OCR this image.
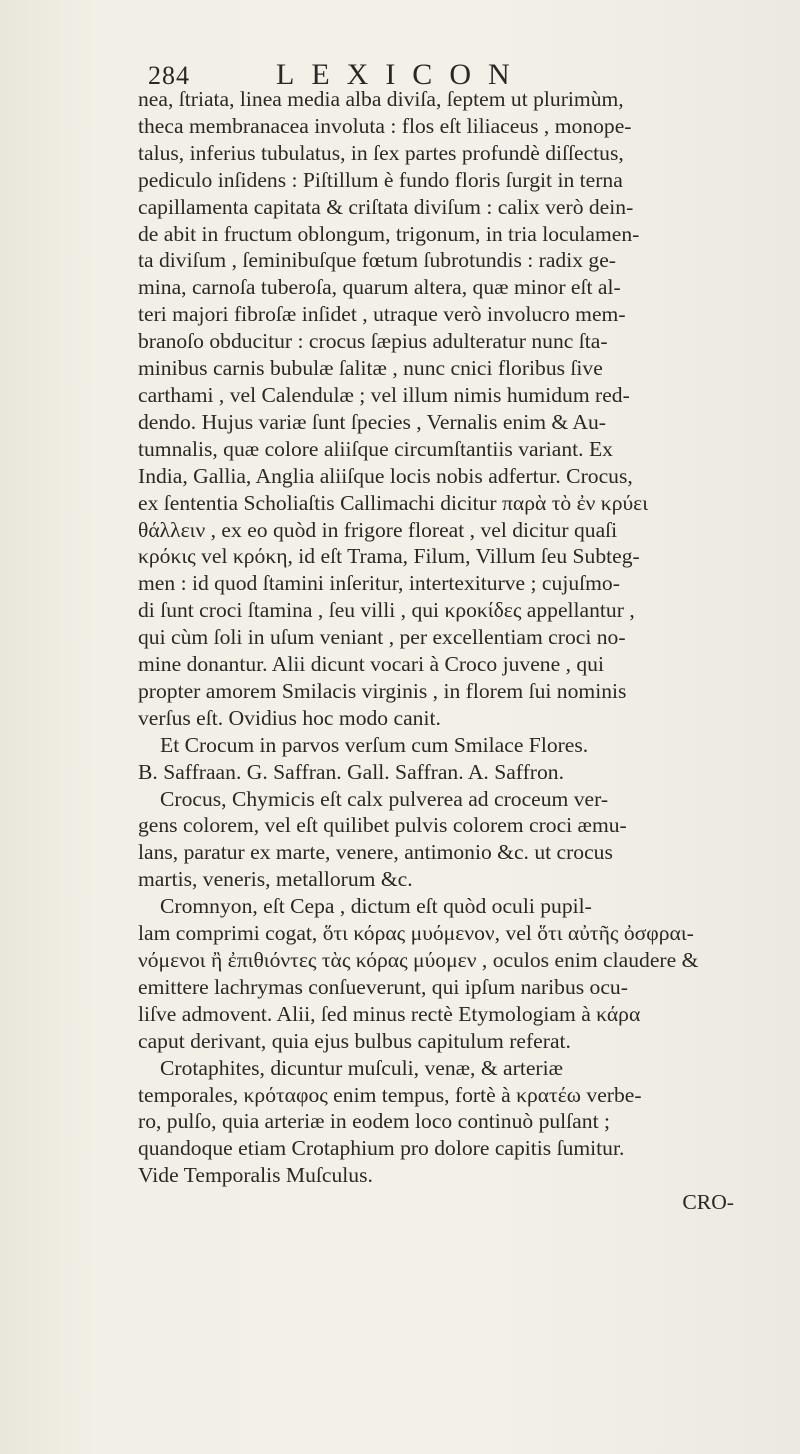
284	LEXICON
nea, ſtriata, linea media alba diviſa, ſeptem ut plurimùm,
theca membranacea involuta : flos eſt liliaceus , monope-
talus, inferius tubulatus, in ſex partes profundè diſſectus,
pediculo inſidens : Piſtillum è fundo floris ſurgit in terna
capillamenta capitata & criſtata diviſum : calix verò dein-
de abit in fructum oblongum, trigonum, in tria loculamen-
ta diviſum , ſeminibuſque fœtum ſubrotundis : radix ge-
mina, carnoſa tuberoſa, quarum altera, quæ minor eſt al-
teri majori fibroſæ inſidet , utraque verò involucro mem-
branoſo obducitur : crocus ſæpius adulteratur nunc ſta-
minibus carnis bubulæ ſalitæ , nunc cnici floribus ſive
carthami , vel Calendulæ ; vel illum nimis humidum red-
dendo. Hujus variæ ſunt ſpecies , Vernalis enim & Au-
tumnalis, quæ colore aliiſque circumſtantiis variant. Ex
India, Gallia, Anglia aliiſque locis nobis adfertur. Crocus,
ex ſententia Scholiaſtis Callimachi dicitur παρὰ τὸ ἐν κρύει
θάλλειν , ex eo quòd in frigore floreat , vel dicitur quaſi
κρόκις vel κρόκη, id eſt Trama, Filum, Villum ſeu Subteg-
men : id quod ſtamini inſeritur, intertexiturve ; cujuſmo-
di ſunt croci ſtamina , ſeu villi , qui κροκίδες appellantur ,
qui cùm ſoli in uſum veniant , per excellentiam croci no-
mine donantur. Alii dicunt vocari à Croco juvene , qui
propter amorem Smilacis virginis , in florem ſui nominis
verſus eſt. Ovidius hoc modo canit.
Et Crocum in parvos verſum cum Smilace Flores.
B. Saffraan. G. Saffran. Gall. Saffran. A. Saffron.
Crocus, Chymicis eſt calx pulverea ad croceum ver-
gens colorem, vel eſt quilibet pulvis colorem croci æmu-
lans, paratur ex marte, venere, antimonio &c. ut crocus
martis, veneris, metallorum &c.
Cromnyon, eſt Cepa , dictum eſt quòd oculi pupil-
lam comprimi cogat, ὅτι κόρας μυόμενον, vel ὅτι αὐτῆς ὀσφραι-
νόμενοι ἢ ἐπιθιόντες τὰς κόρας μύομεν , oculos enim claudere &
emittere lachrymas conſueverunt, qui ipſum naribus ocu-
liſve admovent. Alii, ſed minus rectè Etymologiam à κάρα
caput derivant, quia ejus bulbus capitulum referat.
Crotaphites, dicuntur muſculi, venæ, & arteriæ
temporales, κρόταφος enim tempus, fortè à κρατέω verbe-
ro, pulſo, quia arteriæ in eodem loco continuò pulſant ;
quandoque etiam Crotaphium pro dolore capitis ſumitur.
Vide Temporalis Muſculus.
CRO-
